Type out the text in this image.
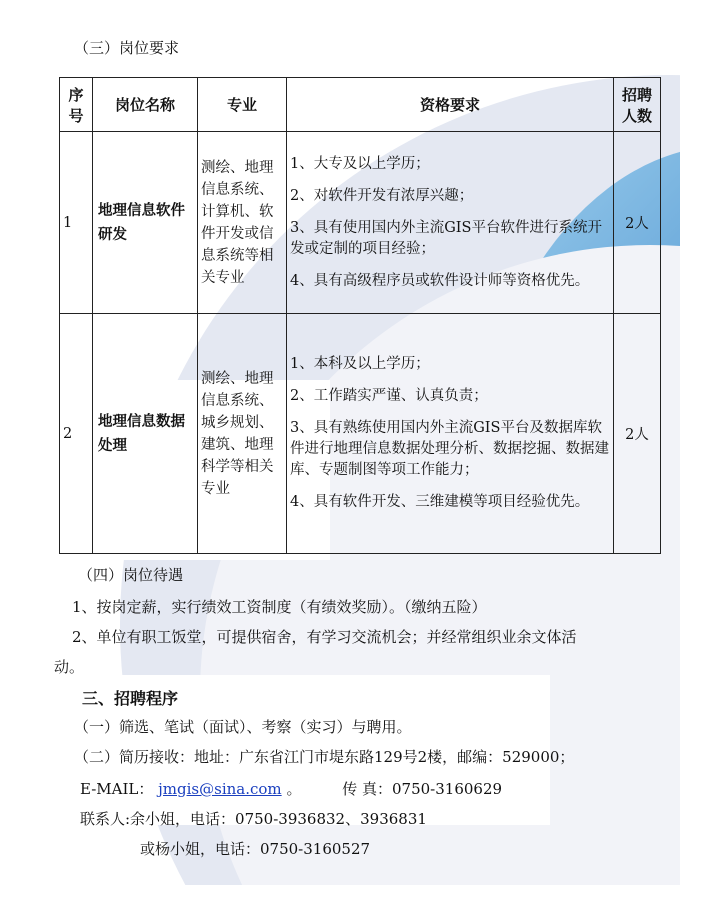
（三）岗位要求
序号	岗位名称	专业	资格要求	招聘人数
1	地理信息软件研发	测绘、地理信息系统、计算机、软件开发或信息系统等相关专业	1、大专及以上学历；

2、对软件开发有浓厚兴趣；

3、具有使用国内外主流GIS平台软件进行系统开发或定制的项目经验；

4、具有高级程序员或软件设计师等资格优先。	2人
2	地理信息数据处理	测绘、地理信息系统、城乡规划、建筑、地理科学等相关专业	1、本科及以上学历；

2、工作踏实严谨、认真负责；

3、具有熟练使用国内外主流GIS平台及数据库软件进行地理信息数据处理分析、数据挖掘、数据建库、专题制图等项工作能力；

4、具有软件开发、三维建模等项目经验优先。	2人
（四）岗位待遇
1、按岗定薪，实行绩效工资制度（有绩效奖励）。（缴纳五险）
2、单位有职工饭堂，可提供宿舍，有学习交流机会；并经常组织业余文体活
动。
三、招聘程序
（一）筛选、笔试（面试）、考察（实习）与聘用。
（二）简历接收：地址：广东省江门市堤东路129号2楼，邮编：529000；
E-MAIL： jmgis@sina.com 。	传 真：0750-3160629
联系人:余小姐，电话：0750-3936832、3936831
或杨小姐，电话：0750-3160527
